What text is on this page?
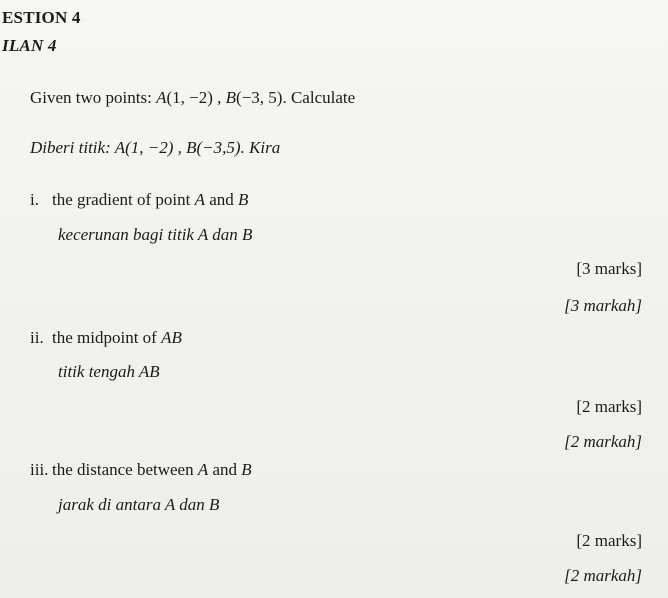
ESTION 4
ILAN 4
Given two points: A(1, −2) , B(−3, 5). Calculate
Diberi titik: A(1, −2) , B(−3,5). Kira
i. the gradient of point A and B
kecerunan bagi titik A dan B
[3 marks]
[3 markah]
ii. the midpoint of AB
titik tengah AB
[2 marks]
[2 markah]
iii. the distance between A and B
jarak di antara A dan B
[2 marks]
[2 markah]
